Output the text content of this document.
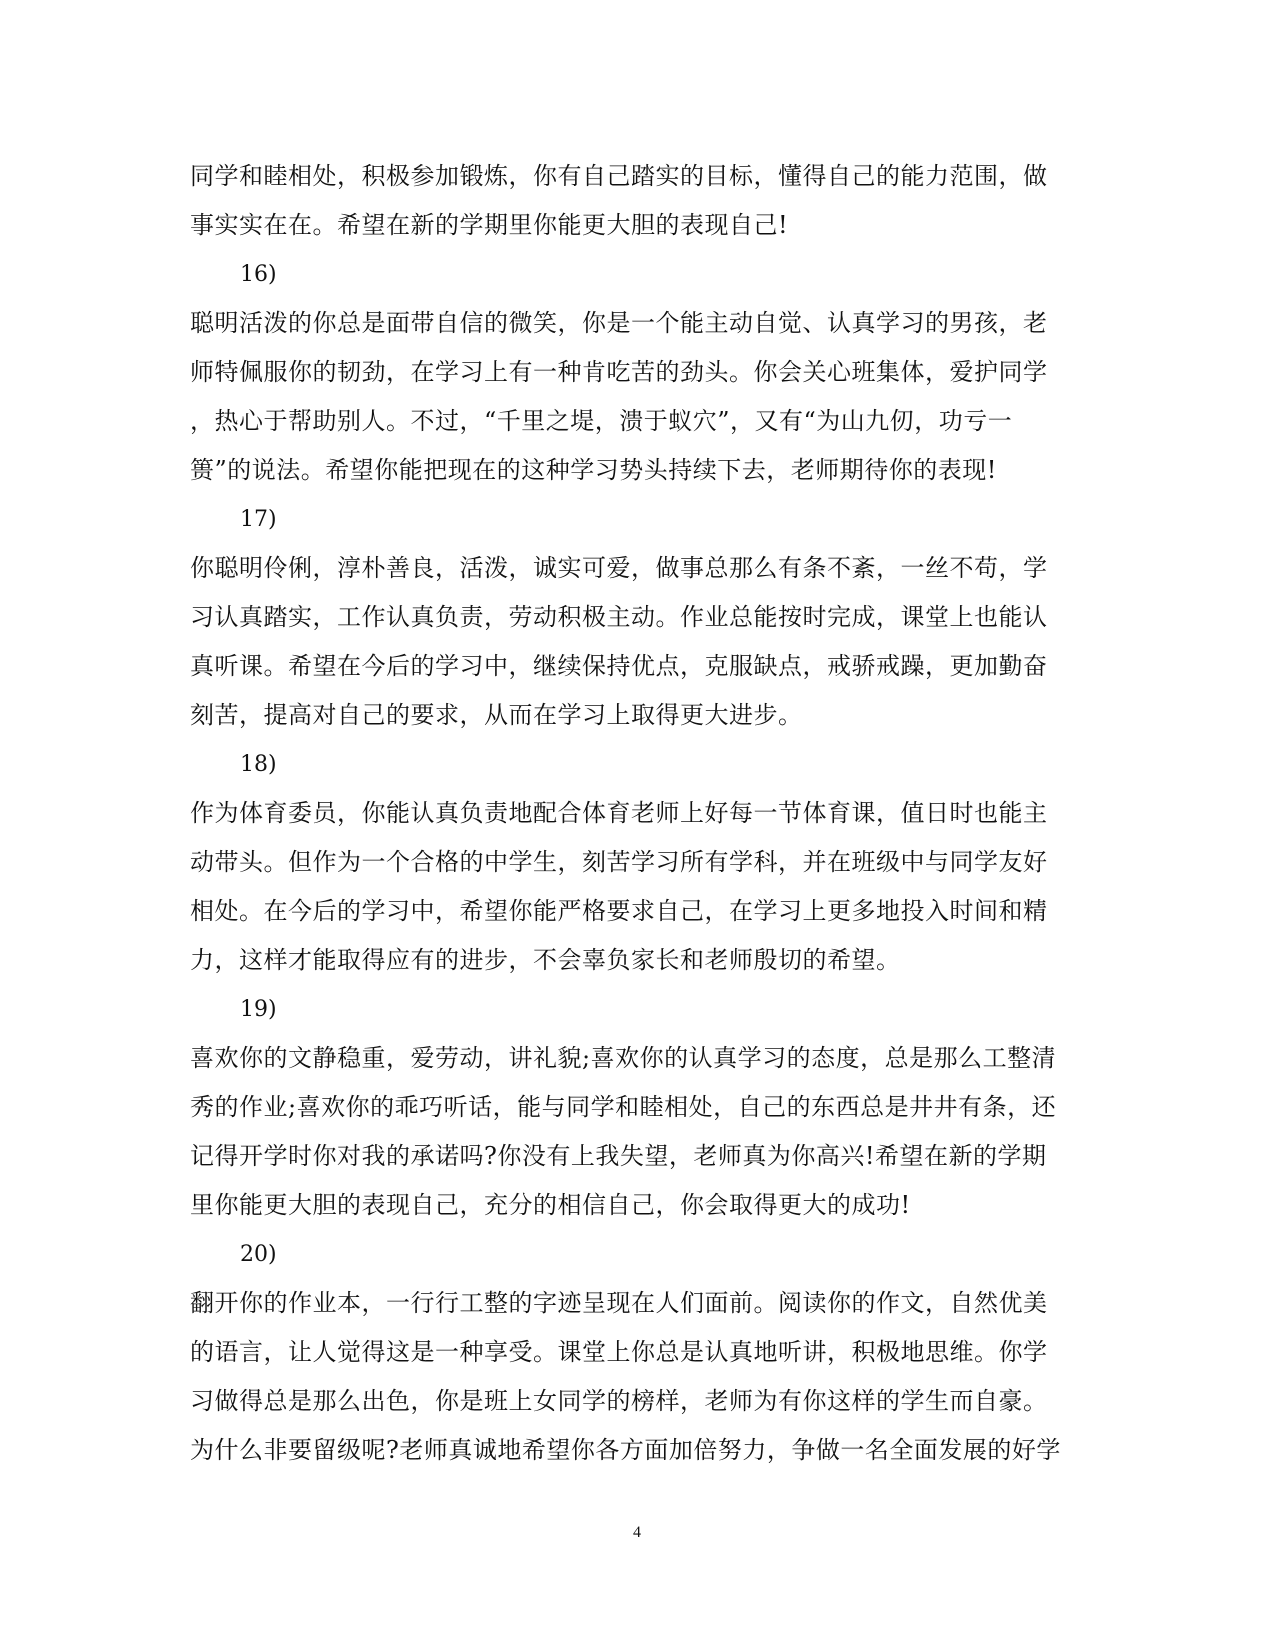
同学和睦相处，积极参加锻炼，你有自己踏实的目标，懂得自己的能力范围，做
事实实在在。希望在新的学期里你能更大胆的表现自己!
16)
聪明活泼的你总是面带自信的微笑，你是一个能主动自觉、认真学习的男孩，老
师特佩服你的韧劲，在学习上有一种肯吃苦的劲头。你会关心班集体，爱护同学
，热心于帮助别人。不过，“千里之堤，溃于蚁穴”，又有“为山九仞，功亏一
篑”的说法。希望你能把现在的这种学习势头持续下去，老师期待你的表现!
17)
你聪明伶俐，淳朴善良，活泼，诚实可爱，做事总那么有条不紊，一丝不苟，学
习认真踏实，工作认真负责，劳动积极主动。作业总能按时完成，课堂上也能认
真听课。希望在今后的学习中，继续保持优点，克服缺点，戒骄戒躁，更加勤奋
刻苦，提高对自己的要求，从而在学习上取得更大进步。
18)
作为体育委员，你能认真负责地配合体育老师上好每一节体育课，值日时也能主
动带头。但作为一个合格的中学生，刻苦学习所有学科，并在班级中与同学友好
相处。在今后的学习中，希望你能严格要求自己，在学习上更多地投入时间和精
力，这样才能取得应有的进步，不会辜负家长和老师殷切的希望。
19)
喜欢你的文静稳重，爱劳动，讲礼貌;喜欢你的认真学习的态度，总是那么工整清
秀的作业;喜欢你的乖巧听话，能与同学和睦相处，自己的东西总是井井有条，还
记得开学时你对我的承诺吗?你没有上我失望，老师真为你高兴!希望在新的学期
里你能更大胆的表现自己，充分的相信自己，你会取得更大的成功!
20)
翻开你的作业本，一行行工整的字迹呈现在人们面前。阅读你的作文，自然优美
的语言，让人觉得这是一种享受。课堂上你总是认真地听讲，积极地思维。你学
习做得总是那么出色，你是班上女同学的榜样，老师为有你这样的学生而自豪。
为什么非要留级呢?老师真诚地希望你各方面加倍努力，争做一名全面发展的好学
4
